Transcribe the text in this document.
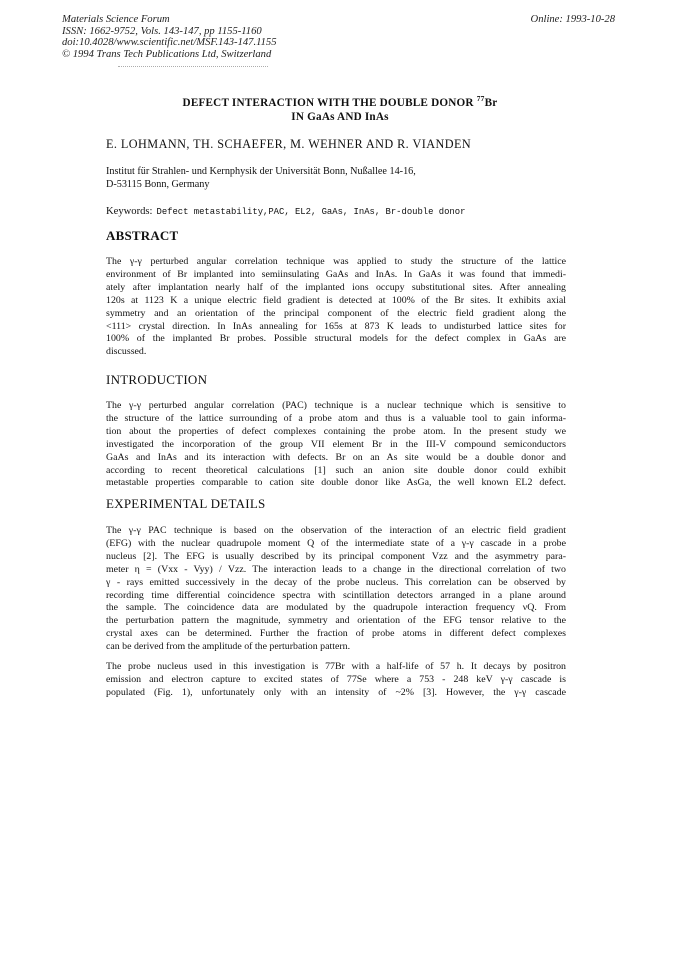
Materials Science Forum
ISSN: 1662-9752, Vols. 143-147, pp 1155-1160
doi:10.4028/www.scientific.net/MSF.143-147.1155
© 1994 Trans Tech Publications Ltd, Switzerland
Online: 1993-10-28
DEFECT INTERACTION WITH THE DOUBLE DONOR $^{77}$Br
IN GaAs AND InAs
E. LOHMANN, TH. SCHAEFER, M. WEHNER AND R. VIANDEN
Institut für Strahlen- und Kernphysik der Universität Bonn, Nußallee 14-16,
D-53115 Bonn, Germany
Keywords: Defect metastability,PAC, EL2, GaAs, InAs, Br-double donor
ABSTRACT
The γ-γ perturbed angular correlation technique was applied to study the structure of the lattice
environment of Br implanted into semiinsulating GaAs and InAs. In GaAs it was found that immedi-
ately after implantation nearly half of the implanted ions occupy substitutional sites. After annealing
120s at 1123 K a unique electric field gradient is detected at 100% of the Br sites. It exhibits axial
symmetry and an orientation of the principal component of the electric field gradient along the
<111> crystal direction. In InAs annealing for 165s at 873 K leads to undisturbed lattice sites for
100% of the implanted Br probes. Possible structural models for the defect complex in GaAs are
discussed.
INTRODUCTION
The γ-γ perturbed angular correlation (PAC) technique is a nuclear technique which is sensitive to
the structure of the lattice surrounding of a probe atom and thus is a valuable tool to gain informa-
tion about the properties of defect complexes containing the probe atom. In the present study we
investigated the incorporation of the group VII element Br in the III-V compound semiconductors
GaAs and InAs and its interaction with defects. Br on an As site would be a double donor and
according to recent theoretical calculations [1] such an anion site double donor could exhibit
metastable properties comparable to cation site double donor like AsGa, the well known EL2 defect.
EXPERIMENTAL DETAILS
The γ-γ PAC technique is based on the observation of the interaction of an electric field gradient
(EFG) with the nuclear quadrupole moment Q of the intermediate state of a γ-γ cascade in a probe
nucleus [2]. The EFG is usually described by its principal component Vzz and the asymmetry para-
meter η = (Vxx - Vyy) / Vzz. The interaction leads to a change in the directional correlation of two
γ - rays emitted successively in the decay of the probe nucleus. This correlation can be observed by
recording time differential coincidence spectra with scintillation detectors arranged in a plane around
the sample. The coincidence data are modulated by the quadrupole interaction frequency νQ. From
the perturbation pattern the magnitude, symmetry and orientation of the EFG tensor relative to the
crystal axes can be determined. Further the fraction of probe atoms in different defect complexes
can be derived from the amplitude of the perturbation pattern.
The probe nucleus used in this investigation is 77Br with a half-life of 57 h. It decays by positron
emission and electron capture to excited states of 77Se where a 753 - 248 keV γ-γ cascade is
populated (Fig. 1), unfortunately only with an intensity of ~2% [3]. However, the γ-γ cascade
